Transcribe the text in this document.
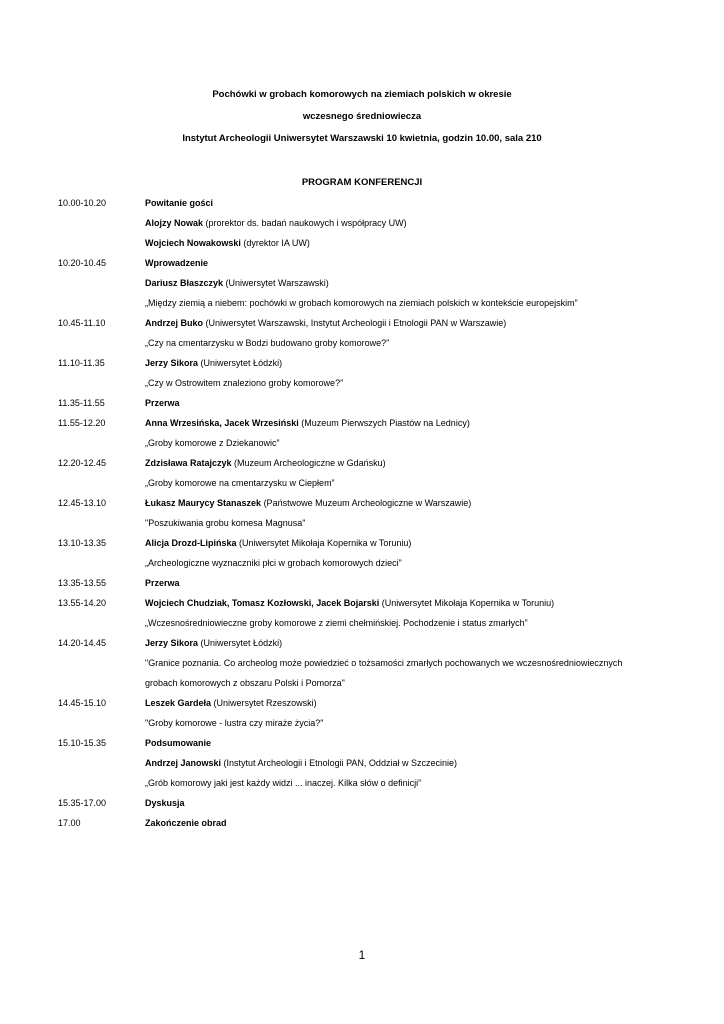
Pochówki w grobach komorowych na ziemiach polskich w okresie
wczesnego średniowiecza
Instytut Archeologii Uniwersytet Warszawski 10 kwietnia, godzin 10.00, sala 210
PROGRAM KONFERENCJI
10.00-10.20	Powitanie gości
Alojzy Nowak (prorektor ds. badań naukowych i współpracy UW)
Wojciech Nowakowski (dyrektor IA UW)
10.20-10.45	Wprowadzenie
Dariusz Błaszczyk (Uniwersytet Warszawski)
„Między ziemią a niebem: pochówki w grobach komorowych na ziemiach polskich w kontekście europejskim”
10.45-11.10	Andrzej Buko (Uniwersytet Warszawski, Instytut Archeologii i Etnologii PAN w Warszawie)
„Czy na cmentarzysku w Bodzi budowano groby komorowe?”
11.10-11.35	Jerzy Sikora (Uniwersytet Łódzki)
„Czy w Ostrowitem znaleziono groby komorowe?”
11.35-11.55	Przerwa
11.55-12.20	Anna Wrzesińska, Jacek Wrzesiński (Muzeum Pierwszych Piastów na Lednicy)
„Groby komorowe z Dziekanowic”
12.20-12.45	Zdzisława Ratajczyk (Muzeum Archeologiczne w Gdańsku)
„Groby komorowe na cmentarzysku w Ciepłem”
12.45-13.10	Łukasz Maurycy Stanaszek (Państwowe Muzeum Archeologiczne w Warszawie)
"Poszukiwania grobu komesa Magnusa"
13.10-13.35	Alicja Drozd-Lipińska (Uniwersytet Mikołaja Kopernika w Toruniu)
„Archeologiczne wyznaczniki płci w grobach komorowych dzieci”
13.35-13.55	Przerwa
13.55-14.20	Wojciech Chudziak, Tomasz Kozłowski, Jacek Bojarski (Uniwersytet Mikołaja Kopernika w Toruniu)
„Wczesnośredniowieczne groby komorowe z ziemi chełmińskiej. Pochodzenie i status zmarłych”
14.20-14.45	Jerzy Sikora (Uniwersytet Łódzki)
"Granice poznania. Co archeolog może powiedzieć o tożsamości zmarłych pochowanych we wczesnośredniowiecznych
grobach komorowych z obszaru Polski i Pomorza"
14.45-15.10	Leszek Gardeła (Uniwersytet Rzeszowski)
"Groby komorowe - lustra czy miraże życia?"
15.10-15.35	Podsumowanie
Andrzej Janowski (Instytut Archeologii i Etnologii PAN, Oddział w Szczecinie)
„Grób komorowy jaki jest każdy widzi ... inaczej. Kilka słów o definicji”
15.35-17.00	Dyskusja
17.00	Zakończenie obrad
1
